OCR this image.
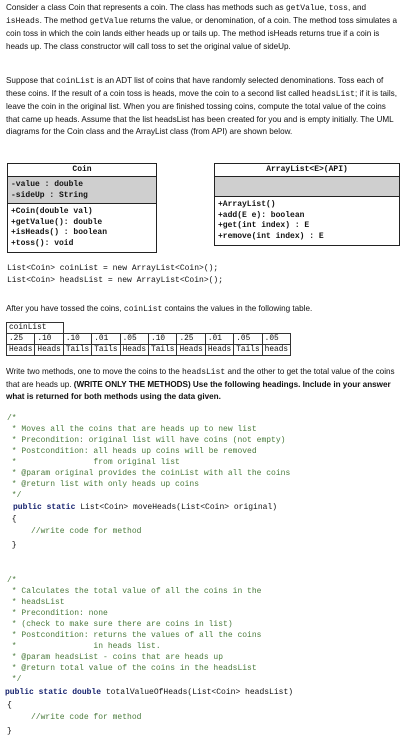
Consider a class Coin that represents a coin. The class has methods such as getValue, toss, and isHeads. The method getValue returns the value, or denomination, of a coin. The method toss simulates a coin toss in which the coin lands either heads up or tails up. The method isHeads returns true if a coin is heads up. The class constructor will call toss to set the original value of sideUp.

Suppose that coinList is an ADT list of coins that have randomly selected denominations. Toss each of these coins. If the result of a coin toss is heads, move the coin to a second list called headsList; if it is tails, leave the coin in the original list. When you are finished tossing coins, compute the total value of the coins that came up heads. Assume that the list headsList has been created for you and is empty initially. The UML diagrams for the Coin class and the ArrayList class (from API) are shown below.

Coin
-value : double
-sideUp : String
+Coin(double val)
+getValue(): double
+isHeads() : boolean
+toss(): void
ArrayList<E>(API)
+ArrayList()
+add(E e): boolean
+get(int index) : E
+remove(int index) : E
List<Coin> coinList = new ArrayList<Coin>();
List<Coin> headsList = new ArrayList<Coin>();

After you have tossed the coins, coinList contains the values in the following table.

coinList									
.25	.10	.10	.01	.05	.10	.25	.01	.05	.05
Heads	Heads	Tails	Tails	Heads	Tails	Heads	Heads	Tails	heads

Write two methods, one to move the coins to the headsList and the other to get the total value of the coins that are heads up. (WRITE ONLY THE METHODS) Use the following headings. Include in your answer what is returned for both methods using the data given.

/*
* Moves all the coins that are heads up to new list
* Precondition: original list will have coins (not empty)
* Postcondition: all heads up coins will be removed
*                from original list
* @param original provides the coinList with all the coins
* @return list with only heads up coins
*/
public static List<Coin> moveHeads(List<Coin> original)
{
//write code for method
}
/*
* Calculates the total value of all the coins in the
* headsList
* Precondition: none
* (check to make sure there are coins in list)
* Postcondition: returns the values of all the coins
*                in heads list.
* @param headsList - coins that are heads up
* @return total value of the coins in the headsList
*/
public static double totalValueOfHeads(List<Coin> headsList)
{
//write code for method
}
